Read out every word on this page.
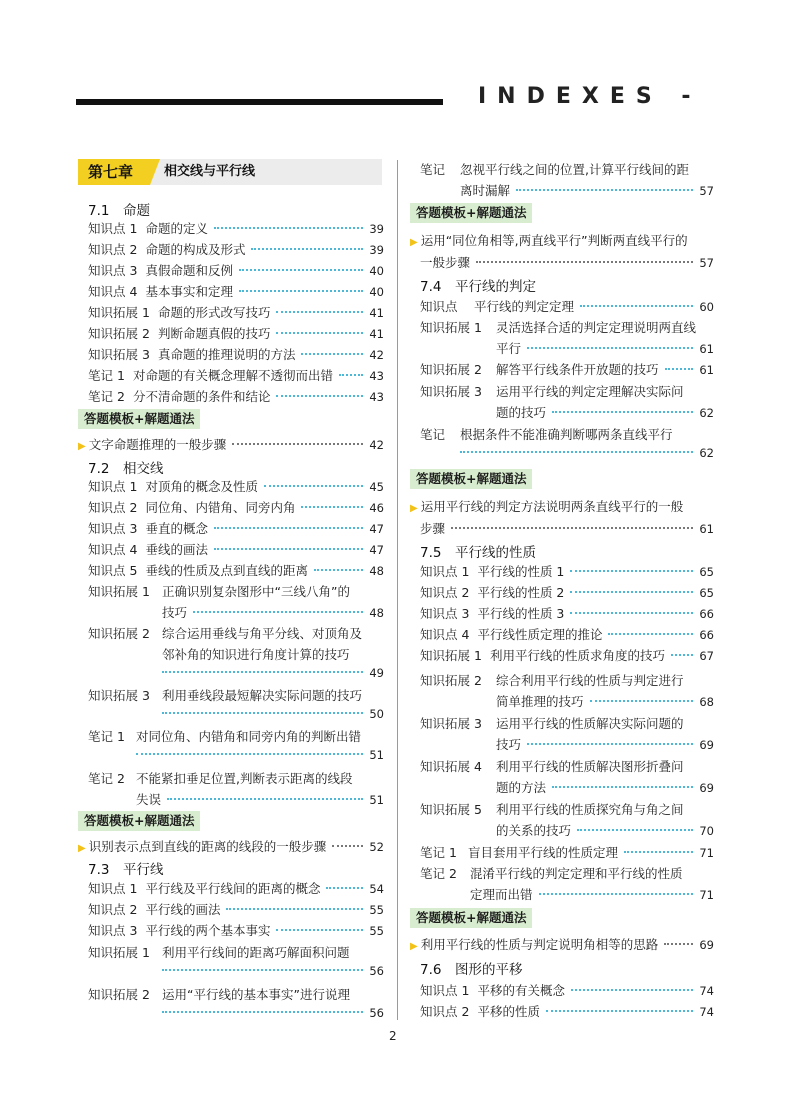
INDEXES -
第七章	相交线与平行线
7.1　命题
知识点 1 命题的定义	39
知识点 2 命题的构成及形式	39
知识点 3 真假命题和反例	40
知识点 4 基本事实和定理	40
知识拓展 1 命题的形式改写技巧	41
知识拓展 2 判断命题真假的技巧	41
知识拓展 3 真命题的推理说明的方法	42
笔记 1 对命题的有关概念理解不透彻而出错	43
笔记 2 分不清命题的条件和结论	43
答题模板+解题通法
▶ 文字命题推理的一般步骤	42
7.2　相交线
知识点 1 对顶角的概念及性质	45
知识点 2 同位角、内错角、同旁内角	46
知识点 3 垂直的概念	47
知识点 4 垂线的画法	47
知识点 5 垂线的性质及点到直线的距离	48
知识拓展 1 正确识别复杂图形中“三线八角”的
技巧	48
知识拓展 2 综合运用垂线与角平分线、对顶角及
邻补角的知识进行角度计算的技巧
49
知识拓展 3 利用垂线段最短解决实际问题的技巧
50
笔记 1 对同位角、内错角和同旁内角的判断出错
51
笔记 2 不能紧扣垂足位置,判断表示距离的线段
失误	51
答题模板+解题通法
▶ 识别表示点到直线的距离的线段的一般步骤	52
7.3　平行线
知识点 1 平行线及平行线间的距离的概念	54
知识点 2 平行线的画法	55
知识点 3 平行线的两个基本事实	55
知识拓展 1 利用平行线间的距离巧解面积问题
56
知识拓展 2 运用“平行线的基本事实”进行说理
56
笔记 忽视平行线之间的位置,计算平行线间的距
离时漏解	57
答题模板+解题通法
▶ 运用“同位角相等,两直线平行”判断两直线平行的
一般步骤	57
7.4　平行线的判定
知识点	平行线的判定定理	60
知识拓展 1 灵活选择合适的判定定理说明两直线
平行	61
知识拓展 2	解答平行线条件开放题的技巧	61
知识拓展 3 运用平行线的判定定理解决实际问
题的技巧	62
笔记 根据条件不能准确判断哪两条直线平行
62
答题模板+解题通法
▶ 运用平行线的判定方法说明两条直线平行的一般
步骤	61
7.5　平行线的性质
知识点 1 平行线的性质 1	65
知识点 2 平行线的性质 2	65
知识点 3 平行线的性质 3	66
知识点 4 平行线性质定理的推论	66
知识拓展 1 利用平行线的性质求角度的技巧	67
知识拓展 2 综合利用平行线的性质与判定进行
简单推理的技巧	68
知识拓展 3 运用平行线的性质解决实际问题的
技巧	69
知识拓展 4 利用平行线的性质解决图形折叠问
题的方法	69
知识拓展 5 利用平行线的性质探究角与角之间
的关系的技巧	70
笔记 1 盲目套用平行线的性质定理	71
笔记 2 混淆平行线的判定定理和平行线的性质
定理而出错	71
答题模板+解题通法
▶ 利用平行线的性质与判定说明角相等的思路	69
7.6　图形的平移
知识点 1 平移的有关概念	74
知识点 2 平移的性质	74
2
